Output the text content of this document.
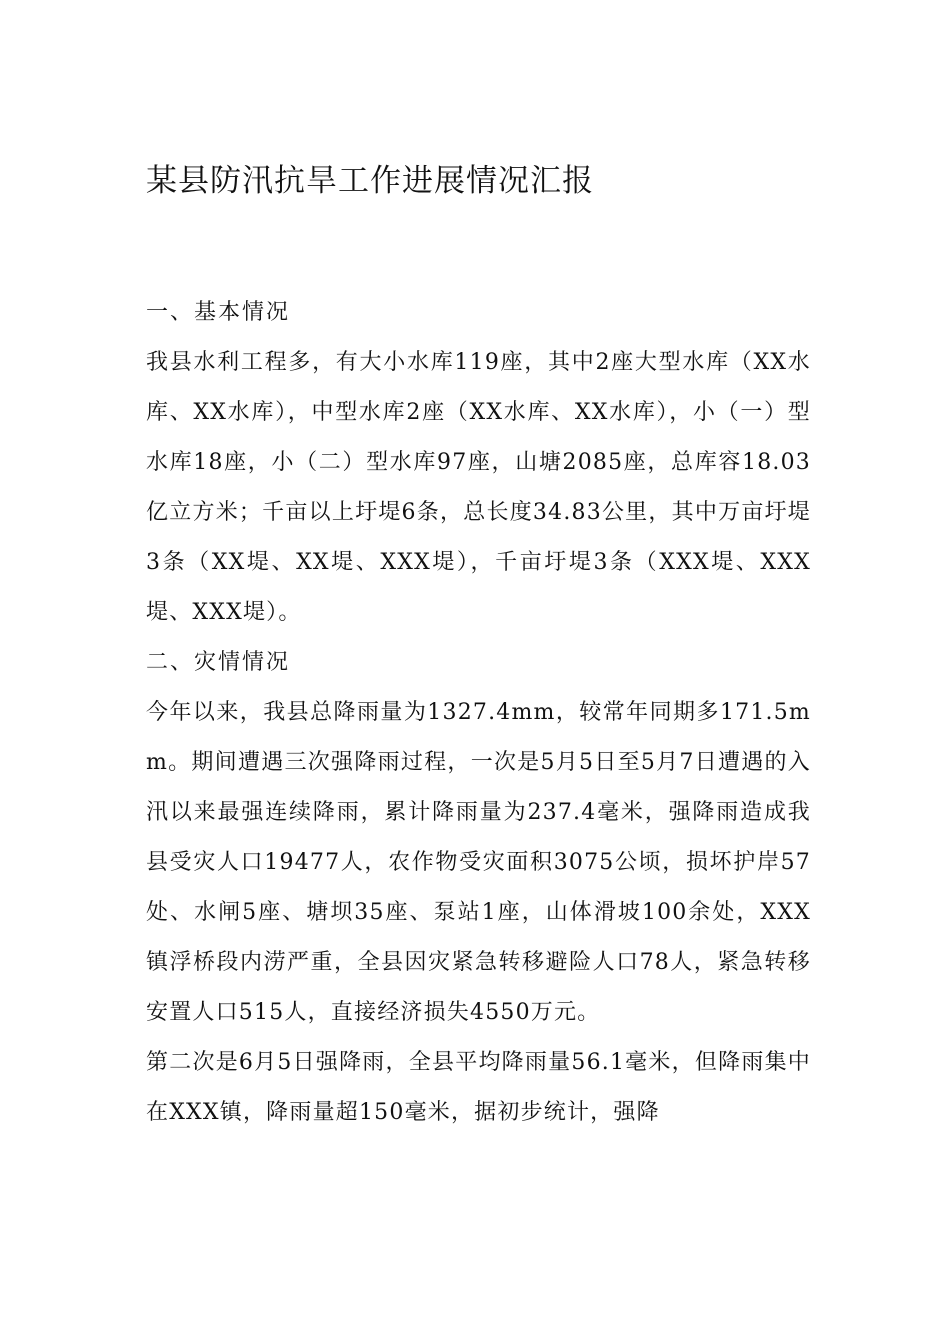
某县防汛抗旱工作进展情况汇报
一、基本情况

我县水利工程多，有大小水库119座，其中2座大型水库（XX水库、XX水库），中型水库2座（XX水库、XX水库），小（一）型水库18座，小（二）型水库97座，山塘2085座，总库容18.03亿立方米；千亩以上圩堤6条，总长度34.83公里，其中万亩圩堤3条（XX堤、XX堤、XXX堤），千亩圩堤3条（XXX堤、XXX堤、XXX堤）。

二、灾情情况

今年以来，我县总降雨量为1327.4mm，较常年同期多171.5mm。期间遭遇三次强降雨过程，一次是5月5日至5月7日遭遇的入汛以来最强连续降雨，累计降雨量为237.4毫米，强降雨造成我县受灾人口19477人，农作物受灾面积3075公顷，损坏护岸57处、水闸5座、塘坝35座、泵站1座，山体滑坡100余处，XXX镇浮桥段内涝严重，全县因灾紧急转移避险人口78人，紧急转移安置人口515人，直接经济损失4550万元。

第二次是6月5日强降雨，全县平均降雨量56.1毫米，但降雨集中在XXX镇，降雨量超150毫米，据初步统计，强降
